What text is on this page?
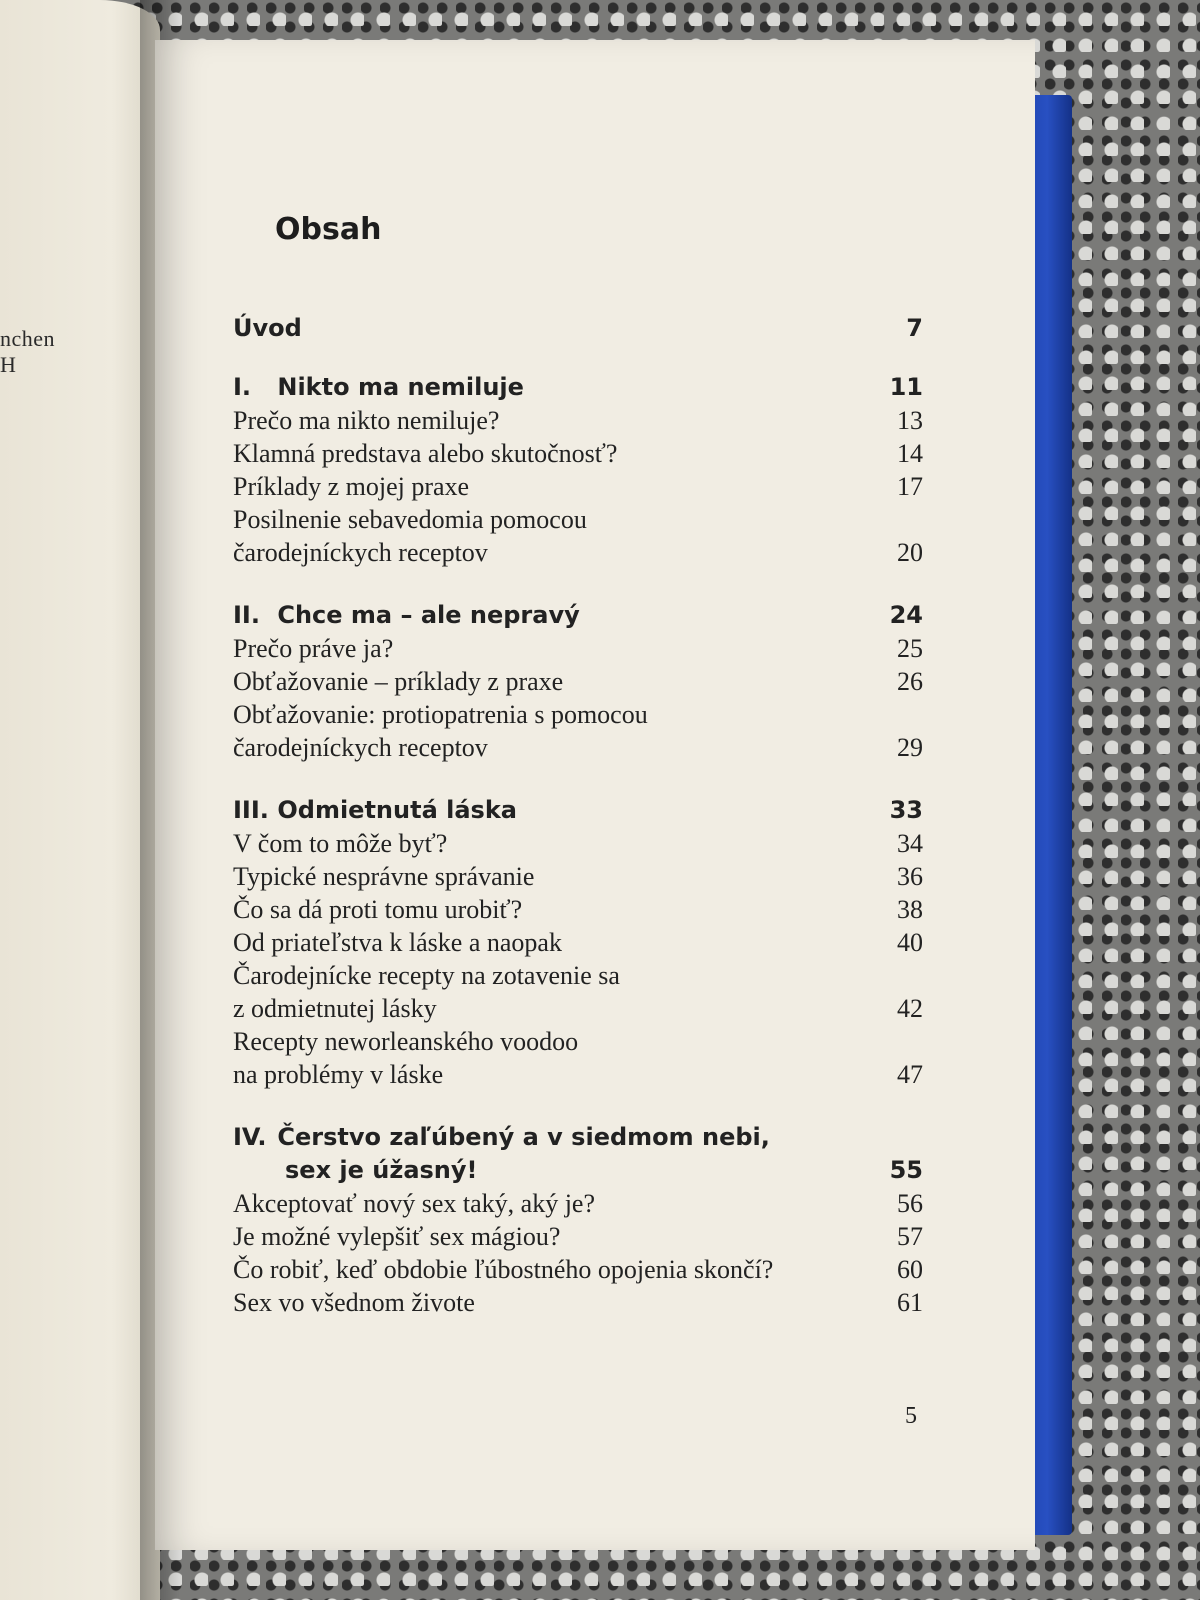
nchen
H
Obsah
Úvod	7
I. Nikto ma nemiluje	11
Prečo ma nikto nemiluje?	13
Klamná predstava alebo skutočnosť?	14
Príklady z mojej praxe	17
Posilnenie sebavedomia pomocou
čarodejníckych receptov	20
II. Chce ma – ale nepravý	24
Prečo práve ja?	25
Obťažovanie – príklady z praxe	26
Obťažovanie: protiopatrenia s pomocou
čarodejníckych receptov	29
III. Odmietnutá láska	33
V čom to môže byť?	34
Typické nesprávne správanie	36
Čo sa dá proti tomu urobiť?	38
Od priateľstva k láske a naopak	40
Čarodejnícke recepty na zotavenie sa
z odmietnutej lásky	42
Recepty neworleanského voodoo
na problémy v láske	47
IV. Čerstvo zaľúbený a v siedmom nebi,
sex je úžasný!	55
Akceptovať nový sex taký, aký je?	56
Je možné vylepšiť sex mágiou?	57
Čo robiť, keď obdobie ľúbostného opojenia skončí?	60
Sex vo všednom živote	61
5
